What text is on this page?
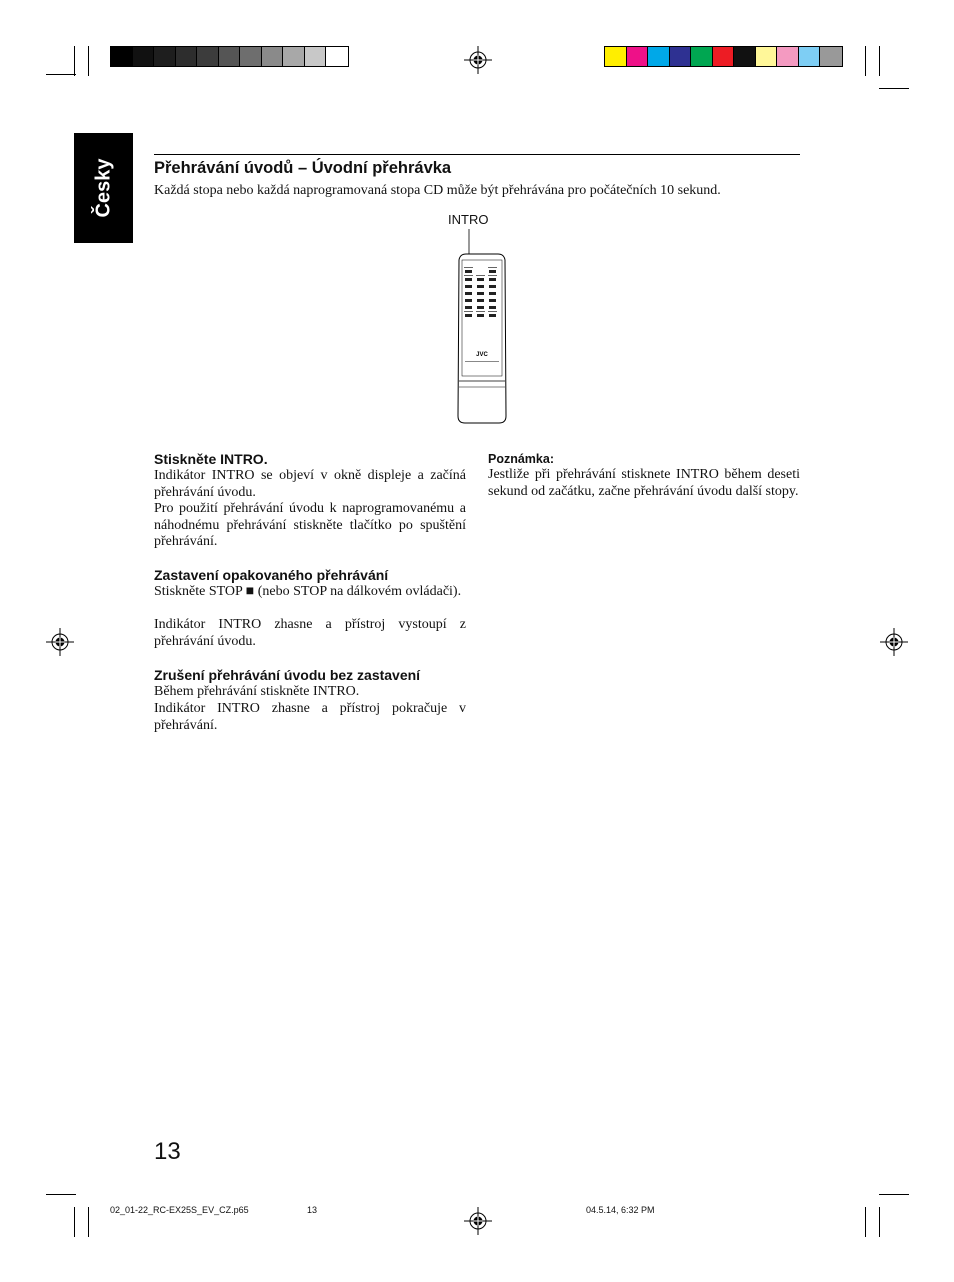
Česky Přehrávání úvodů – Úvodní přehrávka

Každá stopa nebo každá naprogramovaná stopa CD může být přehrávána pro počátečních 10 sekund.

INTRO
JVC
Stiskněte INTRO.

Indikátor INTRO se objeví v okně displeje a začíná přehrávání úvodu.

Pro použití přehrávání úvodu k naprogramovanému a náhodnému přehrávání stiskněte tlačítko po spuštění přehrávání.

Zastavení opakovaného přehrávání

Stiskněte STOP ■ (nebo STOP na dálkovém ovládači).

Indikátor INTRO zhasne a přístroj vystoupí z přehrávání úvodu.

Zrušení přehrávání úvodu bez zastavení

Během přehrávání stiskněte INTRO.

Indikátor INTRO zhasne a přístroj pokračuje v přehrávání.

Poznámka:

Jestliže při přehrávání stisknete INTRO během deseti sekund od začátku, začne přehrávání úvodu další stopy.

13
02_01-22_RC-EX25S_EV_CZ.p65	13	04.5.14, 6:32 PM
